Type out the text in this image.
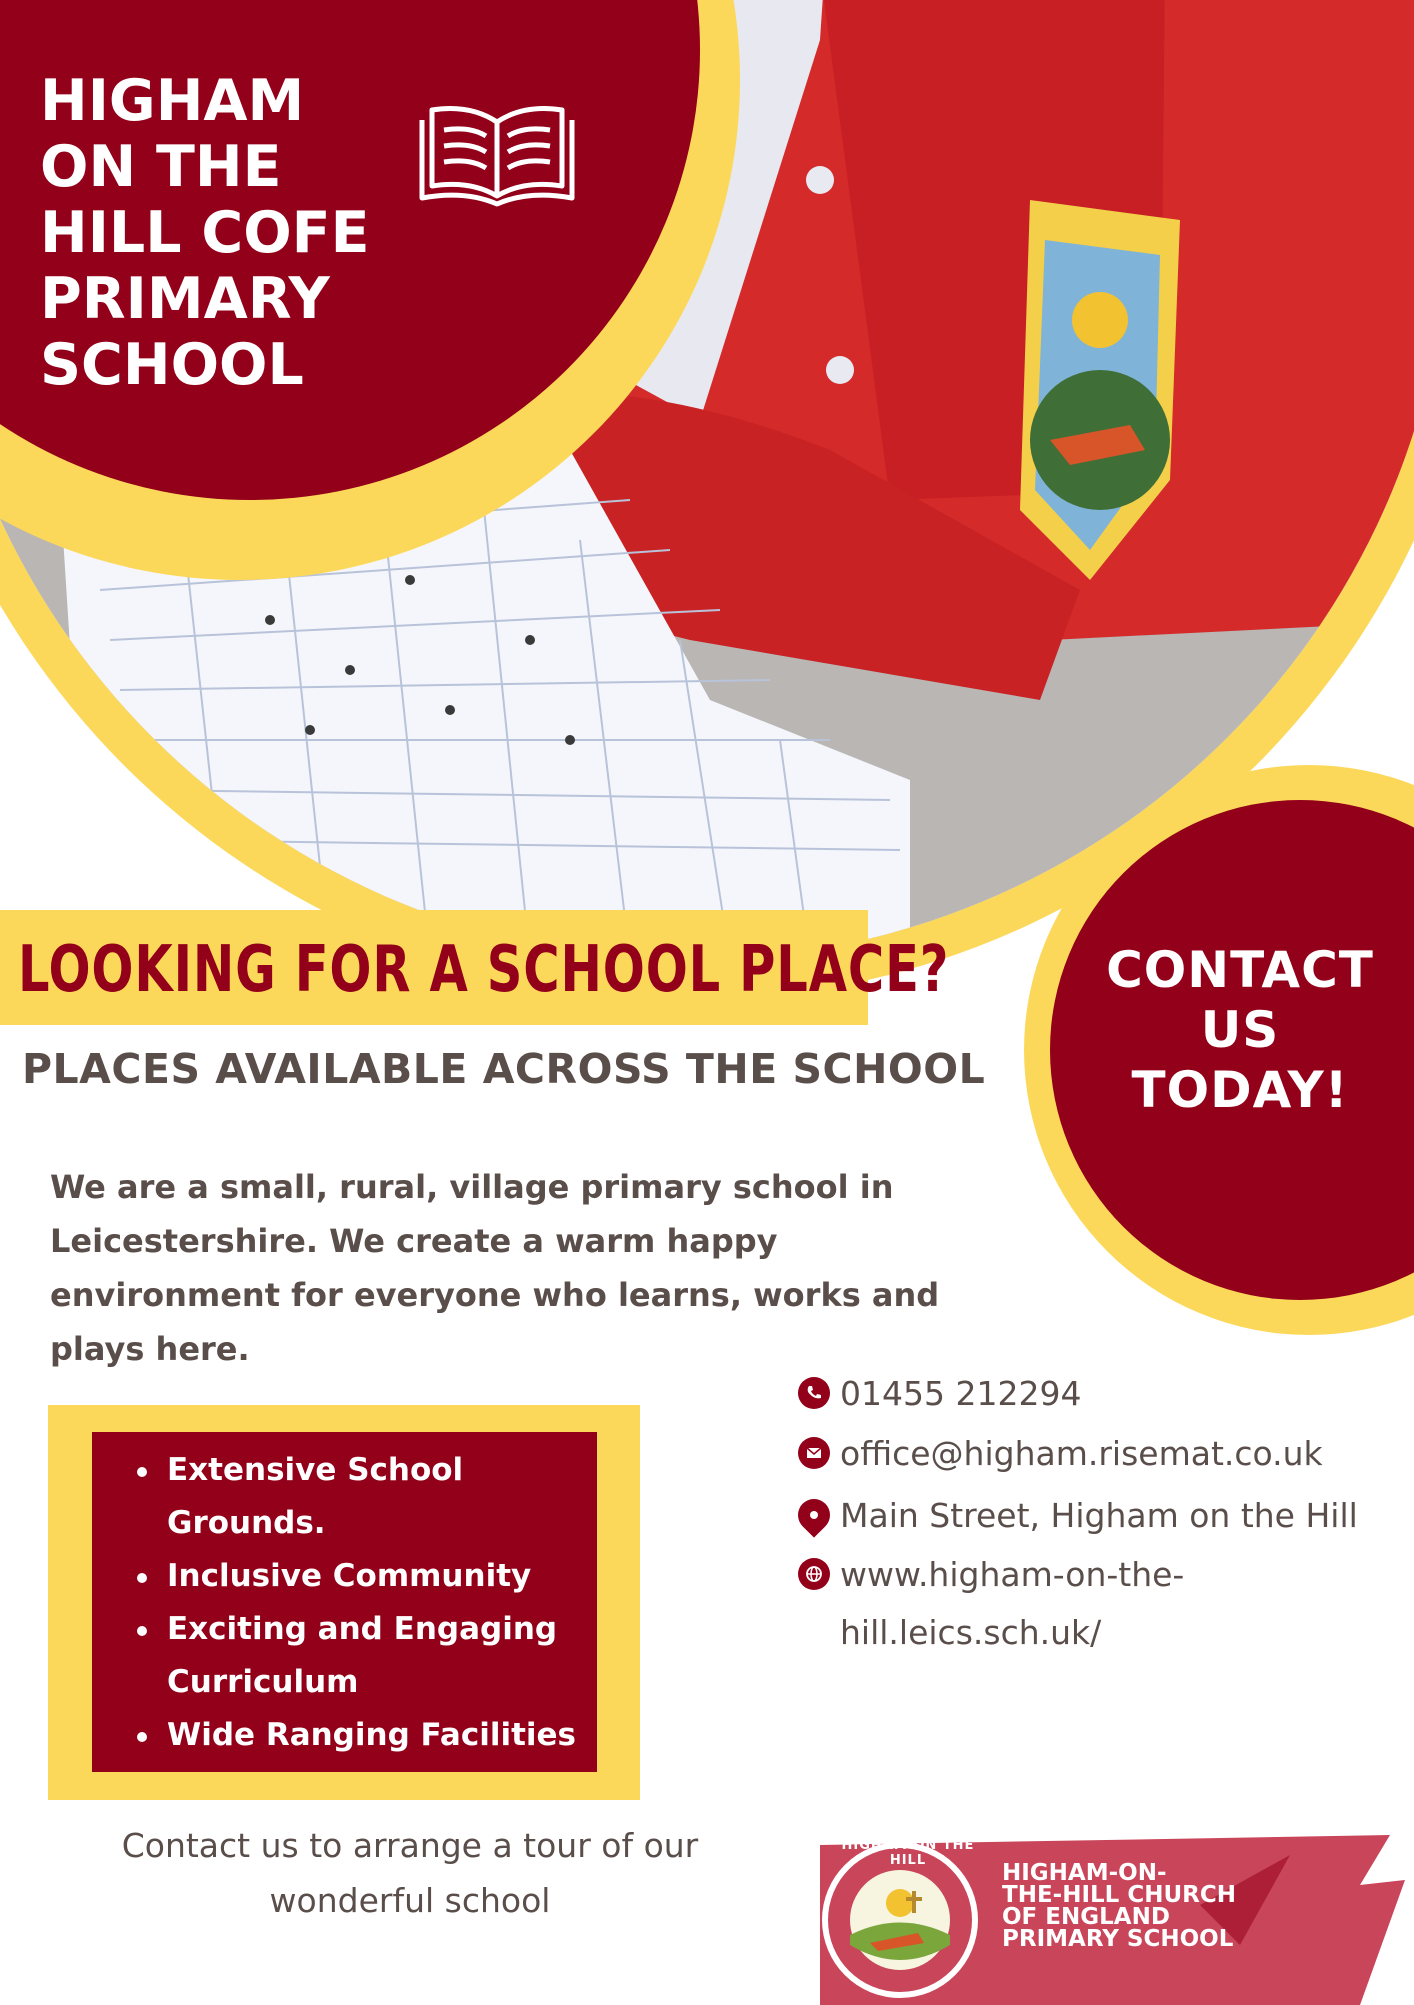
HIGHAM
ON THE
HILL COFE
PRIMARY
SCHOOL
CONTACT
US
TODAY!
LOOKING FOR A SCHOOL PLACE?
PLACES AVAILABLE ACROSS THE SCHOOL

We are a small, rural, village primary school in Leicestershire. We create a warm happy environment for everyone who learns, works and plays here.

Extensive School Grounds.
Inclusive Community
Exciting and Engaging Curriculum
Wide Ranging Facilities
01455 212294
office@higham.risemat.co.uk
Main Street, Higham on the Hill
www.higham-on-the-
hill.leics.sch.uk/
Contact us to arrange a tour of our
wonderful school
HIGHAM ON THE HILL	HIGHAM-ON-
THE-HILL CHURCH
OF ENGLAND
PRIMARY SCHOOL
